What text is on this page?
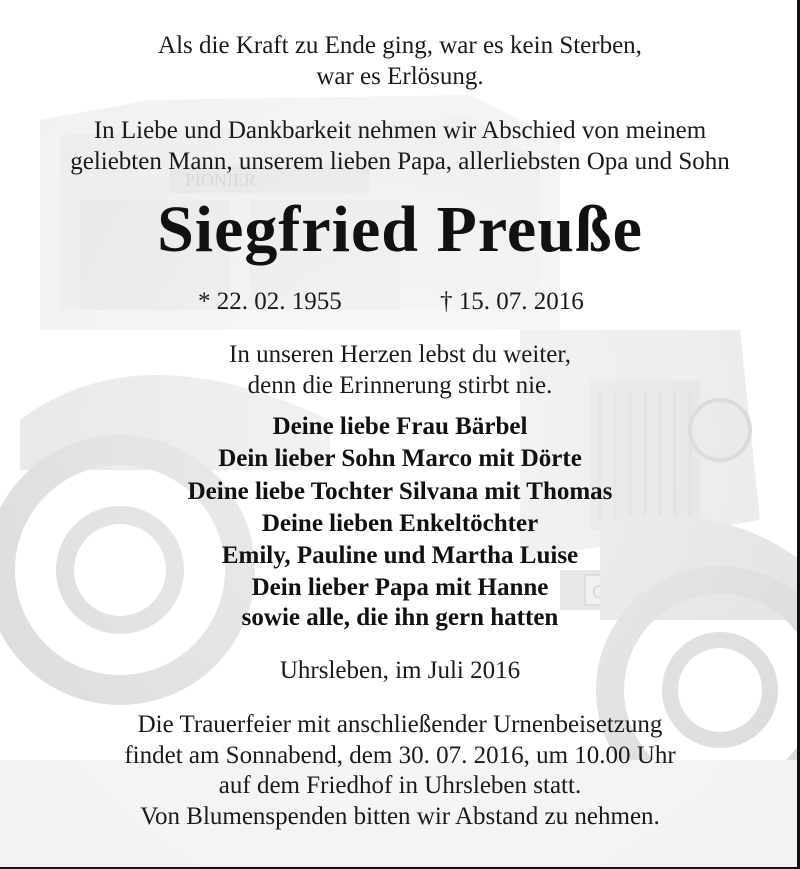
Als die Kraft zu Ende ging, war es kein Sterben,
war es Erlösung.
In Liebe und Dankbarkeit nehmen wir Abschied von meinem
geliebten Mann, unserem lieben Papa, allerliebsten Opa und Sohn
Siegfried Preuße
* 22. 02. 1955	† 15. 07. 2016
In unseren Herzen lebst du weiter,
denn die Erinnerung stirbt nie.
Deine liebe Frau Bärbel
Dein lieber Sohn Marco mit Dörte
Deine liebe Tochter Silvana mit Thomas
Deine lieben Enkeltöchter
Emily, Pauline und Martha Luise
Dein lieber Papa mit Hanne
sowie alle, die ihn gern hatten
Uhrsleben, im Juli 2016
Die Trauerfeier mit anschließender Urnenbeisetzung
findet am Sonnabend, dem 30. 07. 2016, um 10.00 Uhr
auf dem Friedhof in Uhrsleben statt.
Von Blumenspenden bitten wir Abstand zu nehmen.
